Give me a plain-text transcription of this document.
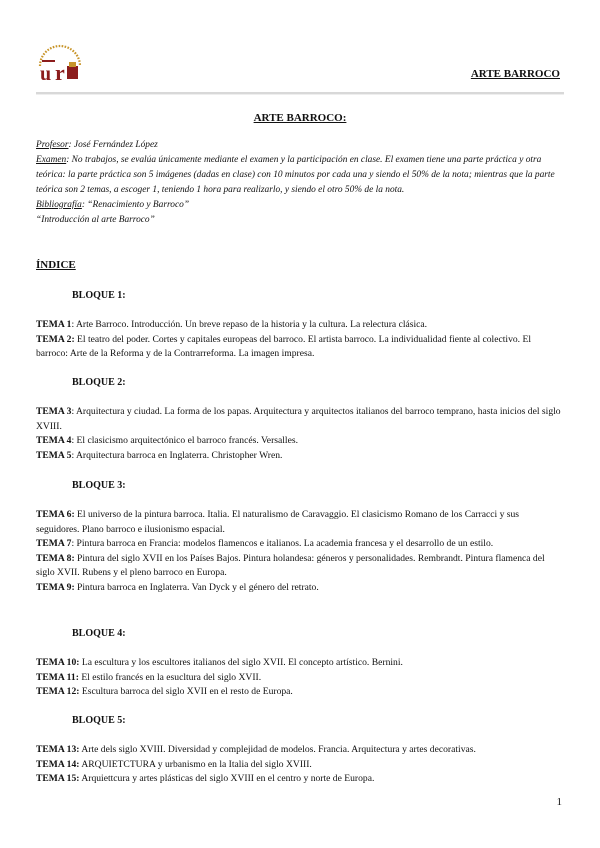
u r	ARTE BARROCO
ARTE BARROCO:
Profesor: José Fernández López
Examen: No trabajos, se evalúa únicamente mediante el examen y la participación en clase. El examen tiene una parte práctica y otra teórica: la parte práctica son 5 imágenes (dadas en clase) con 10 minutos por cada una y siendo el 50% de la nota; mientras que la parte teórica son 2 temas, a escoger 1, teniendo 1 hora para realizarlo, y siendo el otro 50% de la nota.
Bibliografía: “Renacimiento y Barroco”
“Introducción al arte Barroco”
ÍNDICE
BLOQUE 1:

TEMA 1: Arte Barroco. Introducción. Un breve repaso de la historia y la cultura. La relectura clásica.

TEMA 2: El teatro del poder. Cortes y capitales europeas del barroco. El artista barroco. La individualidad fiente al colectivo. El barroco: Arte de la Reforma y de la Contrarreforma. La imagen impresa.

BLOQUE 2:

TEMA 3: Arquitectura y ciudad. La forma de los papas. Arquitectura y arquitectos italianos del barroco temprano, hasta inicios del siglo XVIII.

TEMA 4: El clasicismo arquitectónico el barroco francés. Versalles.

TEMA 5: Arquitectura barroca en Inglaterra. Christopher Wren.

BLOQUE 3:

TEMA 6: El universo de la pintura barroca. Italia. El naturalismo de Caravaggio. El clasicismo Romano de los Carracci y sus seguidores. Plano barroco e ilusionismo espacial.

TEMA 7: Pintura barroca en Francia: modelos flamencos e italianos. La academia francesa y el desarrollo de un estilo.

TEMA 8: Pintura del siglo XVII en los Países Bajos. Pintura holandesa: géneros y personalidades. Rembrandt. Pintura flamenca del siglo XVII. Rubens y el pleno barroco en Europa.

TEMA 9: Pintura barroca en Inglaterra. Van Dyck y el género del retrato.

BLOQUE 4:

TEMA 10: La escultura y los escultores italianos del siglo XVII. El concepto artístico. Bernini.

TEMA 11: El estilo francés en la esucltura del siglo XVII.

TEMA 12: Escultura barroca del siglo XVII en el resto de Europa.

BLOQUE 5:

TEMA 13: Arte dels siglo XVIII. Diversidad y complejidad de modelos. Francia. Arquitectura y artes decorativas.

TEMA 14: ARQUIETCTURA y urbanismo en la Italia del siglo XVIII.

TEMA 15: Arquiettcura y artes plásticas del siglo XVIII en el centro y norte de Europa.

1
